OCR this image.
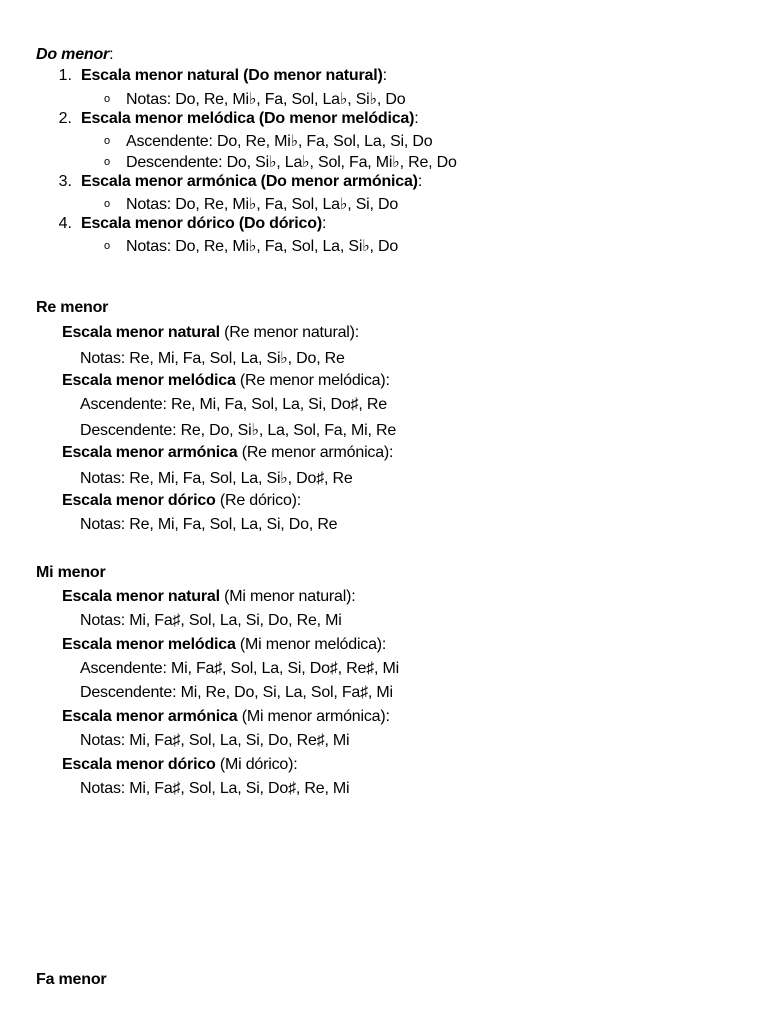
Do menor:
1. Escala menor natural (Do menor natural):
o Notas: Do, Re, Mi♭, Fa, Sol, La♭, Si♭, Do
2. Escala menor melódica (Do menor melódica):
o Ascendente: Do, Re, Mi♭, Fa, Sol, La, Si, Do
o Descendente: Do, Si♭, La♭, Sol, Fa, Mi♭, Re, Do
3. Escala menor armónica (Do menor armónica):
o Notas: Do, Re, Mi♭, Fa, Sol, La♭, Si, Do
4. Escala menor dórico (Do dórico):
o Notas: Do, Re, Mi♭, Fa, Sol, La, Si♭, Do
Re menor
Escala menor natural (Re menor natural):
Notas: Re, Mi, Fa, Sol, La, Si♭, Do, Re
Escala menor melódica (Re menor melódica):
Ascendente: Re, Mi, Fa, Sol, La, Si, Do♯, Re
Descendente: Re, Do, Si♭, La, Sol, Fa, Mi, Re
Escala menor armónica (Re menor armónica):
Notas: Re, Mi, Fa, Sol, La, Si♭, Do♯, Re
Escala menor dórico (Re dórico):
Notas: Re, Mi, Fa, Sol, La, Si, Do, Re
Mi menor
Escala menor natural (Mi menor natural):
Notas: Mi, Fa♯, Sol, La, Si, Do, Re, Mi
Escala menor melódica (Mi menor melódica):
Ascendente: Mi, Fa♯, Sol, La, Si, Do♯, Re♯, Mi
Descendente: Mi, Re, Do, Si, La, Sol, Fa♯, Mi
Escala menor armónica (Mi menor armónica):
Notas: Mi, Fa♯, Sol, La, Si, Do, Re♯, Mi
Escala menor dórico (Mi dórico):
Notas: Mi, Fa♯, Sol, La, Si, Do♯, Re, Mi
Fa menor
